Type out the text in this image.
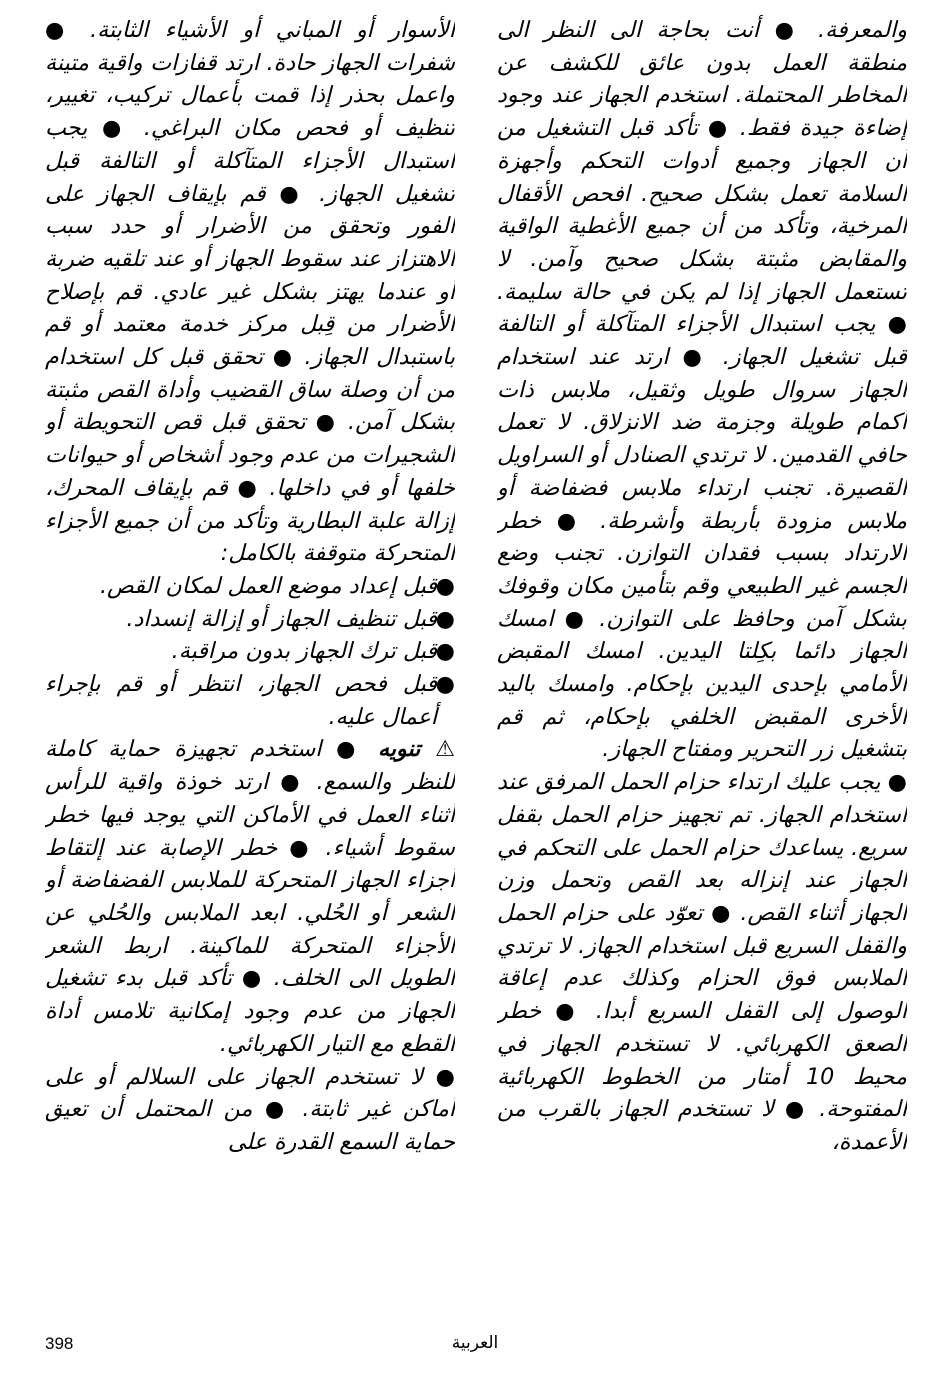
والمعرفة. ● أنت بحاجة الى النظر الى منطقة العمل بدون عائق للكشف عن المخاطر المحتملة. استخدم الجهاز عند وجود إضاءة جيدة فقط. ● تأكد قبل التشغيل من أن الجهاز وجميع أدوات التحكم وأجهزة السلامة تعمل بشكل صحيح. افحص الأقفال المرخية، وتأكد من أن جميع الأغطية الواقية والمقابض مثبتة بشكل صحيح وآمن. لا تستعمل الجهاز إذا لم يكن في حالة سليمة. ● يجب استبدال الأجزاء المتآكلة أو التالفة قبل تشغيل الجهاز. ● ارتد عند استخدام الجهاز سروال طويل وثقيل، ملابس ذات أكمام طويلة وجزمة ضد الانزلاق. لا تعمل حافي القدمين. لا ترتدي الصنادل أو السراويل القصيرة. تجنب ارتداء ملابس فضفاضة أو ملابس مزودة بأربطة وأشرطة. ● خطر الارتداد بسبب فقدان التوازن. تجنب وضع الجسم غير الطبيعي وقم بتأمين مكان وقوفك بشكل آمن وحافظ على التوازن. ● امسك الجهاز دائما بكِلتا اليدين. امسك المقبض الأمامي بإحدى اليدين بإحكام. وامسك باليد الأخرى المقبض الخلفي بإحكام، ثم قم بتشغيل زر التحرير ومفتاح الجهاز.

● يجب عليك ارتداء حزام الحمل المرفق عند استخدام الجهاز. تم تجهيز حزام الحمل بقفل سريع. يساعدك حزام الحمل على التحكم في الجهاز عند إنزاله بعد القص وتحمل وزن الجهاز أثناء القص. ● تعوّد على حزام الحمل والقفل السريع قبل استخدام الجهاز. لا ترتدي الملابس فوق الحزام وكذلك عدم إعاقة الوصول إلى القفل السريع أبدا. ● خطر الصعق الكهربائي. لا تستخدم الجهاز في محيط 10 أمتار من الخطوط الكهربائية المفتوحة. ● لا تستخدم الجهاز بالقرب من الأعمدة،

الأسوار أو المباني أو الأشياء الثابتة. ● شفرات الجهاز حادة. ارتد قفازات واقية متينة واعمل بحذر إذا قمت بأعمال تركيب، تغيير، تنظيف أو فحص مكان البراغي. ● يجب استبدال الأجزاء المتآكلة أو التالفة قبل تشغيل الجهاز. ● قم بإيقاف الجهاز على الفور وتحقق من الأضرار أو حدد سبب الاهتزاز عند سقوط الجهاز أو عند تلقيه ضربة أو عندما يهتز بشكل غير عادي. قم بإصلاح الأضرار من قِبل مركز خدمة معتمد أو قم باستبدال الجهاز. ● تحقق قبل كل استخدام من أن وصلة ساق القضيب وأداة القص مثبتة بشكل آمن. ● تحقق قبل قص التحويطة أو الشجيرات من عدم وجود أشخاص أو حيوانات خلفها أو في داخلها. ● قم بإيقاف المحرك، إزالة علبة البطارية وتأكد من أن جميع الأجزاء المتحركة متوقفة بالكامل:

●
قبل إعداد موضع العمل لمكان القص.
●
قبل تنظيف الجهاز أو إزالة إنسداد.
●
قبل ترك الجهاز بدون مراقبة.
●
قبل فحص الجهاز، انتظر أو قم بإجراء أعمال عليه.

⚠ تنويه ● استخدم تجهيزة حماية كاملة للنظر والسمع. ● ارتد خوذة واقية للرأس أثناء العمل في الأماكن التي يوجد فيها خطر سقوط أشياء. ● خطر الإصابة عند إلتقاط أجزاء الجهاز المتحركة للملابس الفضفاضة أو الشعر أو الحُلي. ابعد الملابس والحُلي عن الأجزاء المتحركة للماكينة. اربط الشعر الطويل الى الخلف. ● تأكد قبل بدء تشغيل الجهاز من عدم وجود إمكانية تلامس أداة القطع مع التيار الكهربائي.

● لا تستخدم الجهاز على السلالم أو على أماكن غير ثابتة. ● من المحتمل أن تعيق حماية السمع القدرة على

398	العربية
